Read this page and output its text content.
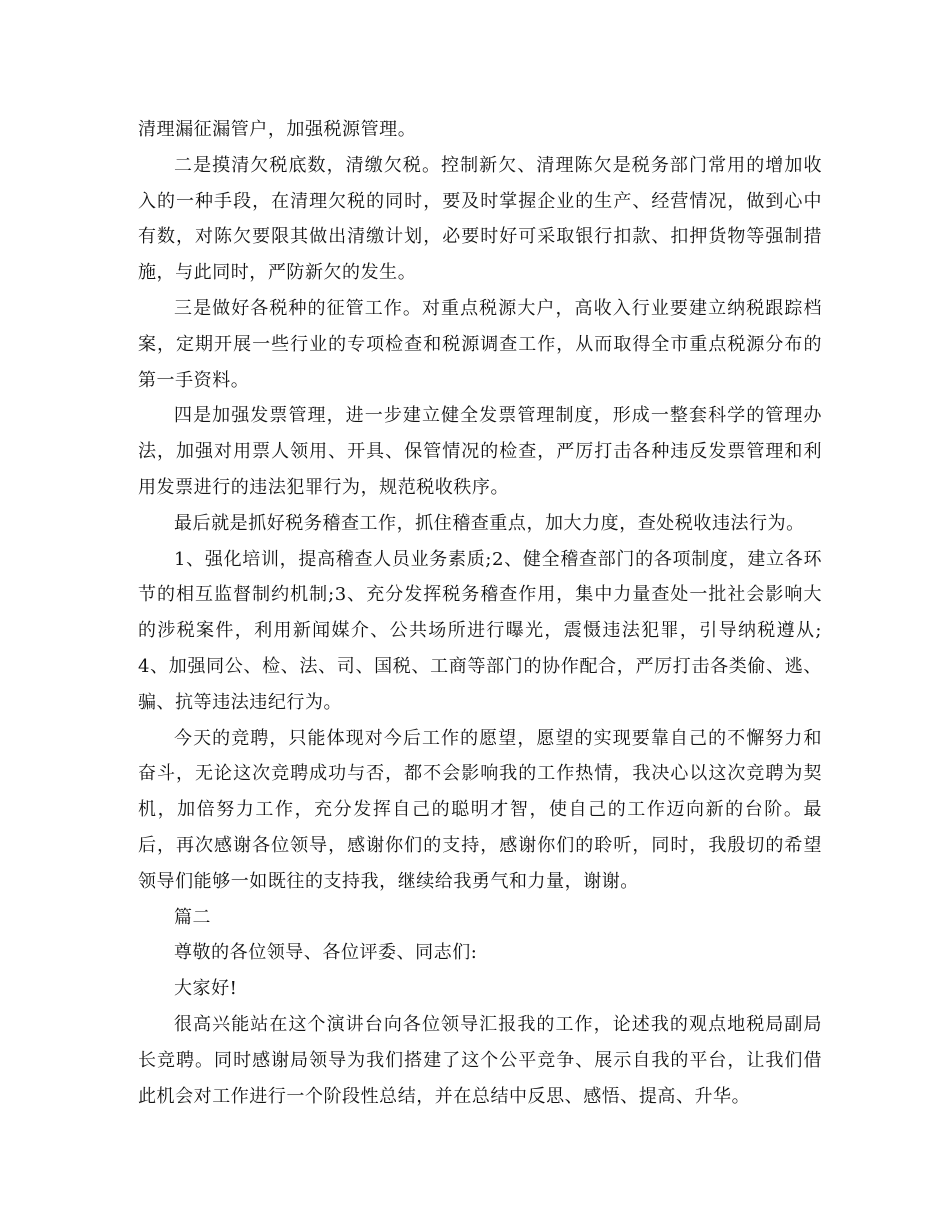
清理漏征漏管户，加强税源管理。

二是摸清欠税底数，清缴欠税。控制新欠、清理陈欠是税务部门常用的增加收入的一种手段，在清理欠税的同时，要及时掌握企业的生产、经营情况，做到心中有数，对陈欠要限其做出清缴计划，必要时好可采取银行扣款、扣押货物等强制措施，与此同时，严防新欠的发生。

三是做好各税种的征管工作。对重点税源大户，高收入行业要建立纳税跟踪档案，定期开展一些行业的专项检查和税源调查工作，从而取得全市重点税源分布的第一手资料。

四是加强发票管理，进一步建立健全发票管理制度，形成一整套科学的管理办法，加强对用票人领用、开具、保管情况的检查，严厉打击各种违反发票管理和利用发票进行的违法犯罪行为，规范税收秩序。

最后就是抓好税务稽查工作，抓住稽查重点，加大力度，查处税收违法行为。

1、强化培训，提高稽查人员业务素质;2、健全稽查部门的各项制度，建立各环节的相互监督制约机制;3、充分发挥税务稽查作用，集中力量查处一批社会影响大的涉税案件，利用新闻媒介、公共场所进行曝光，震慑违法犯罪，引导纳税遵从;4、加强同公、检、法、司、国税、工商等部门的协作配合，严厉打击各类偷、逃、骗、抗等违法违纪行为。

今天的竞聘，只能体现对今后工作的愿望，愿望的实现要靠自己的不懈努力和奋斗，无论这次竞聘成功与否，都不会影响我的工作热情，我决心以这次竞聘为契机，加倍努力工作，充分发挥自己的聪明才智，使自己的工作迈向新的台阶。最后，再次感谢各位领导，感谢你们的支持，感谢你们的聆听，同时，我殷切的希望领导们能够一如既往的支持我，继续给我勇气和力量，谢谢。

篇二

尊敬的各位领导、各位评委、同志们:

大家好!

很高兴能站在这个演讲台向各位领导汇报我的工作，论述我的观点地税局副局长竞聘。同时感谢局领导为我们搭建了这个公平竞争、展示自我的平台，让我们借此机会对工作进行一个阶段性总结，并在总结中反思、感悟、提高、升华。
